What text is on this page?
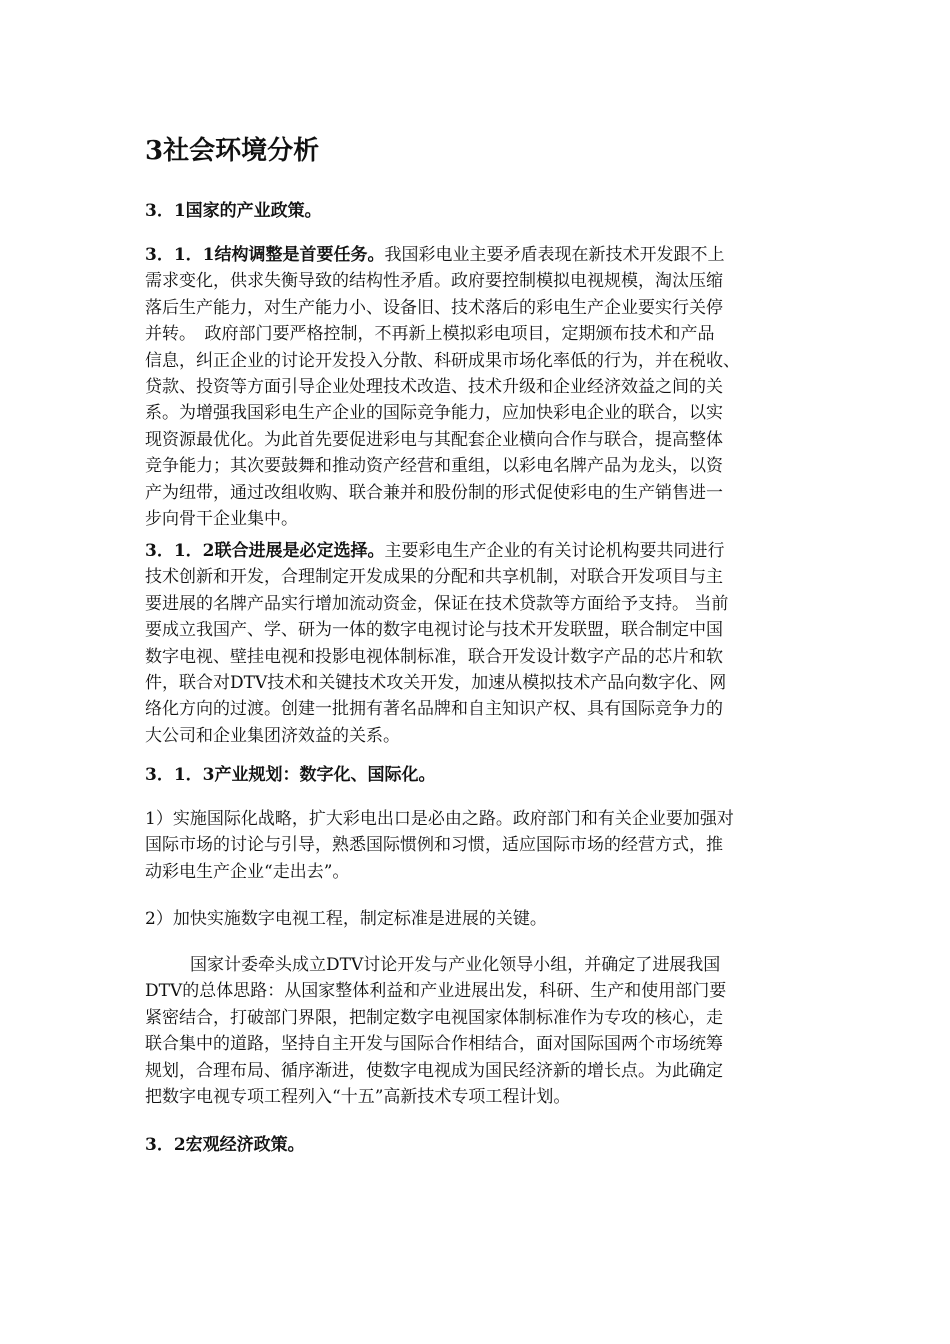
3社会环境分析
3．1国家的产业政策。
3．1．1结构调整是首要任务。我国彩电业主要矛盾表现在新技术开发跟不上
需求变化，供求失衡导致的结构性矛盾。政府要控制模拟电视规模，淘汰压缩
落后生产能力，对生产能力小、设备旧、技术落后的彩电生产企业要实行关停
并转。　政府部门要严格控制，不再新上模拟彩电项目，定期颁布技术和产品
信息，纠正企业的讨论开发投入分散、科研成果市场化率低的行为，并在税收、
贷款、投资等方面引导企业处理技术改造、技术升级和企业经济效益之间的关
系。为增强我国彩电生产企业的国际竞争能力，应加快彩电企业的联合，以实
现资源最优化。为此首先要促进彩电与其配套企业横向合作与联合，提高整体
竞争能力；其次要鼓舞和推动资产经营和重组，以彩电名牌产品为龙头，以资
产为纽带，通过改组收购、联合兼并和股份制的形式促使彩电的生产销售进一
步向骨干企业集中。
3．1．2联合进展是必定选择。主要彩电生产企业的有关讨论机构要共同进行
技术创新和开发，合理制定开发成果的分配和共享机制，对联合开发项目与主
要进展的名牌产品实行增加流动资金，保证在技术贷款等方面给予支持。 当前
要成立我国产、学、研为一体的数字电视讨论与技术开发联盟，联合制定中国
数字电视、壁挂电视和投影电视体制标准，联合开发设计数字产品的芯片和软
件，联合对DTV技术和关键技术攻关开发，加速从模拟技术产品向数字化、网
络化方向的过渡。创建一批拥有著名品牌和自主知识产权、具有国际竞争力的
大公司和企业集团济效益的关系。
3．1．3产业规划：数字化、国际化。
1）实施国际化战略，扩大彩电出口是必由之路。政府部门和有关企业要加强对
国际市场的讨论与引导，熟悉国际惯例和习惯，适应国际市场的经营方式，推
动彩电生产企业“走出去”。
2）加快实施数字电视工程，制定标准是进展的关键。
国家计委牵头成立DTV讨论开发与产业化领导小组，并确定了进展我国
DTV的总体思路：从国家整体利益和产业进展出发，科研、生产和使用部门要
紧密结合，打破部门界限，把制定数字电视国家体制标准作为专攻的核心，走
联合集中的道路，坚持自主开发与国际合作相结合，面对国际国两个市场统筹
规划，合理布局、循序渐进，使数字电视成为国民经济新的增长点。为此确定
把数字电视专项工程列入“十五”高新技术专项工程计划。
3．2宏观经济政策。
